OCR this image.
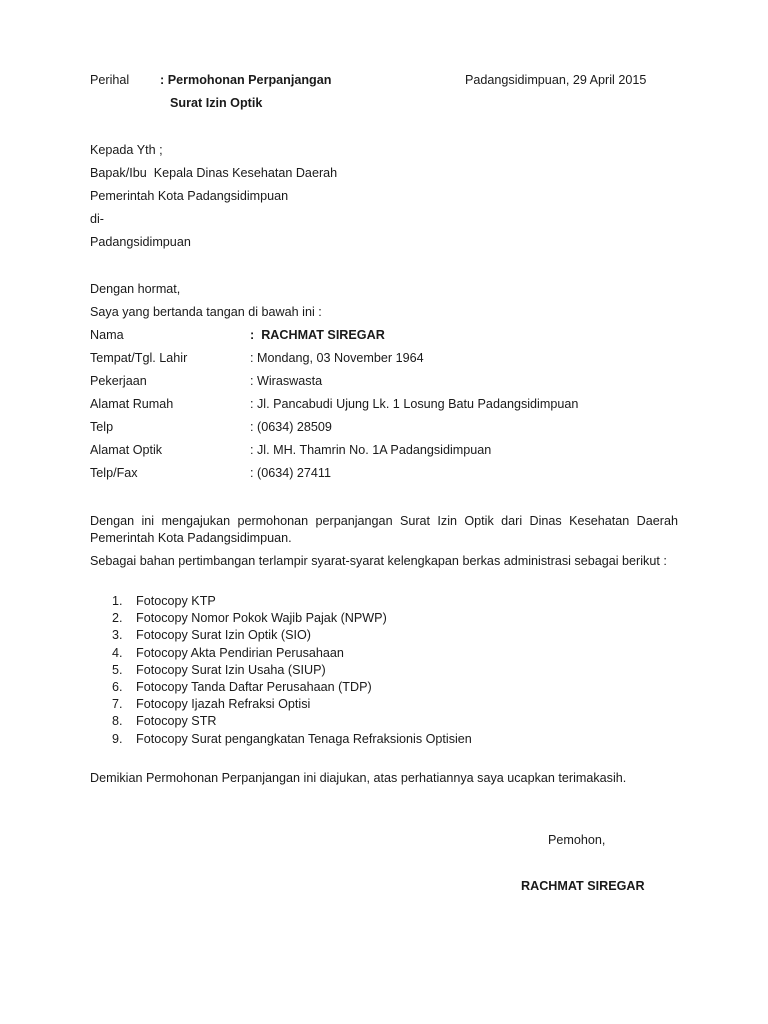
Perihal : Permohonan Perpanjangan
Surat Izin Optik
Padangsidimpuan, 29 April 2015
Kepada Yth ;
Bapak/Ibu  Kepala Dinas Kesehatan Daerah
Pemerintah Kota Padangsidimpuan
di-
Padangsidimpuan
Dengan hormat,
Saya yang bertanda tangan di bawah ini :
Nama	:  RACHMAT SIREGAR
Tempat/Tgl. Lahir	: Mondang, 03 November 1964
Pekerjaan	: Wiraswasta
Alamat Rumah	: Jl. Pancabudi Ujung Lk. 1 Losung Batu Padangsidimpuan
Telp	: (0634) 28509
Alamat Optik	: Jl. MH. Thamrin No. 1A Padangsidimpuan
Telp/Fax	: (0634) 27411

Dengan ini mengajukan permohonan perpanjangan Surat Izin Optik dari Dinas Kesehatan Daerah Pemerintah Kota Padangsidimpuan.

Sebagai bahan pertimbangan terlampir syarat-syarat kelengkapan berkas administrasi sebagai berikut :

1. Fotocopy KTP
2. Fotocopy Nomor Pokok Wajib Pajak (NPWP)
3. Fotocopy Surat Izin Optik (SIO)
4. Fotocopy Akta Pendirian Perusahaan
5. Fotocopy Surat Izin Usaha (SIUP)
6. Fotocopy Tanda Daftar Perusahaan (TDP)
7. Fotocopy Ijazah Refraksi Optisi
8. Fotocopy STR
9. Fotocopy Surat pengangkatan Tenaga Refraksionis Optisien

Demikian Permohonan Perpanjangan ini diajukan, atas perhatiannya saya ucapkan terimakasih.

Pemohon,
RACHMAT SIREGAR
